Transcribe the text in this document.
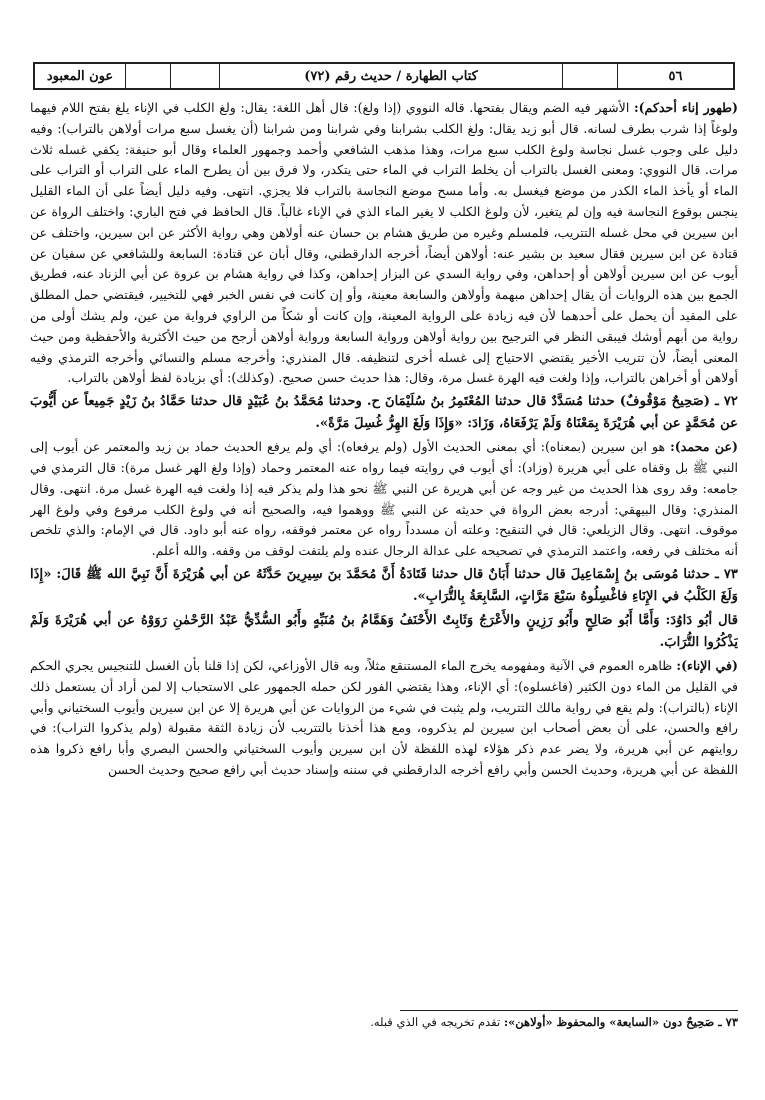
عون المعبود	كتاب الطهارة / حديث رقم (٧٢)	٥٦

(طهور إناء أحدكم): الأشهر فيه الضم ويقال بفتحها. قاله النووي (إذا ولغ): قال أهل اللغة: يقال: ولغ الكلب في الإناء يلغ بفتح اللام فيهما ولوغاً إذا شرب بطرف لسانه. قال أبو زيد يقال: ولغ الكلب بشرابنا وفي شرابنا ومن شرابنا (أن يغسل سبع مرات أولاهن بالتراب): وفيه دليل على وجوب غسل نجاسة ولوغ الكلب سبع مرات، وهذا مذهب الشافعي وأحمد وجمهور العلماء وقال أبو حنيفة: يكفي غسله ثلاث مرات. قال النووي: ومعنى الغسل بالتراب أن يخلط التراب في الماء حتى يتكدر، ولا فرق بين أن يطرح الماء على التراب أو التراب على الماء أو يأخذ الماء الكدر من موضع فيغسل به. وأما مسح موضع النجاسة بالتراب فلا يجزي. انتهى. وفيه دليل أيضاً على أن الماء القليل ينجس بوقوع النجاسة فيه وإن لم يتغير، لأن ولوغ الكلب لا يغير الماء الذي في الإناء غالباً. قال الحافظ في فتح الباري: واختلف الرواة عن ابن سيرين في محل غسله التتريب، فلمسلم وغيره من طريق هشام بن حسان عنه أولاهن وهي رواية الأكثر عن ابن سيرين، واختلف عن قتادة عن ابن سيرين فقال سعيد بن بشير عنه: أولاهن أيضاً، أخرجه الدارقطني، وقال أبان عن قتادة: السابعة وللشافعي عن سفيان عن أيوب عن ابن سيرين أولاهن أو إحداهن، وفي رواية السدي عن البزار إحداهن، وكذا في رواية هشام بن عروة عن أبي الزناد عنه، فطريق الجمع بين هذه الروايات أن يقال إحداهن مبهمة وأولاهن والسابعة معينة، وأو إن كانت في نفس الخبر فهي للتخيير، فيقتضي حمل المطلق على المقيد أن يحمل على أحدهما لأن فيه زيادة على الرواية المعينة، وإن كانت أو شكاً من الراوي فرواية من عين، ولم يشك أولى من رواية من أبهم أوشك فيبقى النظر في الترجيح بين رواية أولاهن ورواية السابعة ورواية أولاهن أرجح من حيث الأكثرية والأحفظية ومن حيث المعنى أيضاً، لأن تتريب الأخير يقتضي الاحتياج إلى غسله أخرى لتنظيفه. قال المنذري: وأخرجه مسلم والنسائي وأخرجه الترمذي وفيه أولاهن أو أخراهن بالتراب، وإذا ولغت فيه الهرة غسل مرة، وقال: هذا حديث حسن صحيح. (وكذلك): أي بزيادة لفظ أولاهن بالتراب.

٧٢ ـ (صَحِيحٌ مَوْقُوفٌ) حدثنا مُسَدَّدٌ قال حدثنا المُعْتَمِرُ بنُ سُلَيْمَانَ ح. وحدثنا مُحَمَّدُ بنُ عُبَيْدٍ قال حدثنا حَمَّادُ بنُ زَيْدٍ جَمِيعاً عن أَيُّوبَ عن مُحَمَّدٍ عن أبي هُرَيْرَةَ بِمَعْنَاهُ وَلَمْ يَرْفَعَاهُ، وَزَادَ: «وَإِذَا وَلَغَ الهِرُّ غُسِلَ مَرَّةً».

(عن محمد): هو ابن سيرين (بمعناه): أي بمعنى الحديث الأول (ولم يرفعاه): أي ولم يرفع الحديث حماد بن زيد والمعتمر عن أيوب إلى النبي ﷺ بل وقفاه على أبي هريرة (وزاد): أي أيوب في روايته فيما رواه عنه المعتمر وحماد (وإذا ولغ الهر غسل مرة): قال الترمذي في جامعه: وقد روى هذا الحديث من غير وجه عن أبي هريرة عن النبي ﷺ نحو هذا ولم يذكر فيه إذا ولغت فيه الهرة غسل مرة. انتهى. وقال المنذري: وقال البيهقي: أدرجه بعض الرواة في حديثه عن النبي ﷺ ووهموا فيه، والصحيح أنه في ولوغ الكلب مرفوع وفي ولوغ الهر موقوف. انتهى. وقال الزيلعي: قال في التنقيح: وعلته أن مسدداً رواه عن معتمر فوقفه، رواه عنه أبو داود. قال في الإمام: والذي تلخص أنه مختلف في رفعه، واعتمد الترمذي في تصحيحه على عدالة الرجال عنده ولم يلتفت لوقف من وقفه. والله أعلم.

٧٣ ـ حدثنا مُوسَى بنُ إِسْمَاعِيلَ قال حدثنا أَبَانٌ قال حدثنا قَتَادَةُ أَنَّ مُحَمَّدَ بنَ سِيرِينَ حَدَّثَهُ عن أبي هُرَيْرَةَ أَنَّ نَبِيَّ الله ﷺ قَالَ: «إِذَا وَلَغَ الكَلْبُ في الإِنَاءِ فاغْسِلُوهُ سَبْعَ مَرَّاتٍ، السَّابِعَةُ بِالتُّرَابِ».

قال أبُو دَاوُدَ: وَأَمَّا أَبُو صَالِحٍ وأَبُو رَزِينٍ والأَعْرَجُ وَثَابِتٌ الأَحْنَفُ وَهَمَّامُ بنُ مُنَبِّهٍ وأَبُو السُّدِّيُّ عَبْدُ الرَّحْمٰنِ رَوَوْهُ عن أبي هُرَيْرَةَ وَلَمْ يَذْكُرُوا التُّرَابَ.

(في الإناء): ظاهره العموم في الآنية ومفهومه يخرج الماء المستنقع مثلاً، وبه قال الأوزاعي، لكن إذا قلنا بأن الغسل للتنجيس يجري الحكم في القليل من الماء دون الكثير (فاغسلوه): أي الإناء، وهذا يقتضي الفور لكن حمله الجمهور على الاستحباب إلا لمن أراد أن يستعمل ذلك الإناء (بالتراب): ولم يقع في رواية مالك التتريب، ولم يثبت في شيء من الروايات عن أبي هريرة إلا عن ابن سيرين وأيوب السختياني وأبي رافع والحسن، على أن بعض أصحاب ابن سيرين لم يذكروه، ومع هذا أخذنا بالتتريب لأن زيادة الثقة مقبولة (ولم يذكروا التراب): في روايتهم عن أبي هريرة، ولا يضر عدم ذكر هؤلاء لهذه اللفظة لأن ابن سيرين وأيوب السختياني والحسن البصري وأبا رافع ذكروا هذه اللفظة عن أبي هريرة، وحديث الحسن وأبي رافع أخرجه الدارقطني في سننه وإسناد حديث أبي رافع صحيح وحديث الحسن

٧٣ ـ صَحِيحٌ دون «السابعة» والمحفوظ «أولاهن»: تقدم تخريجه في الذي قبله.
